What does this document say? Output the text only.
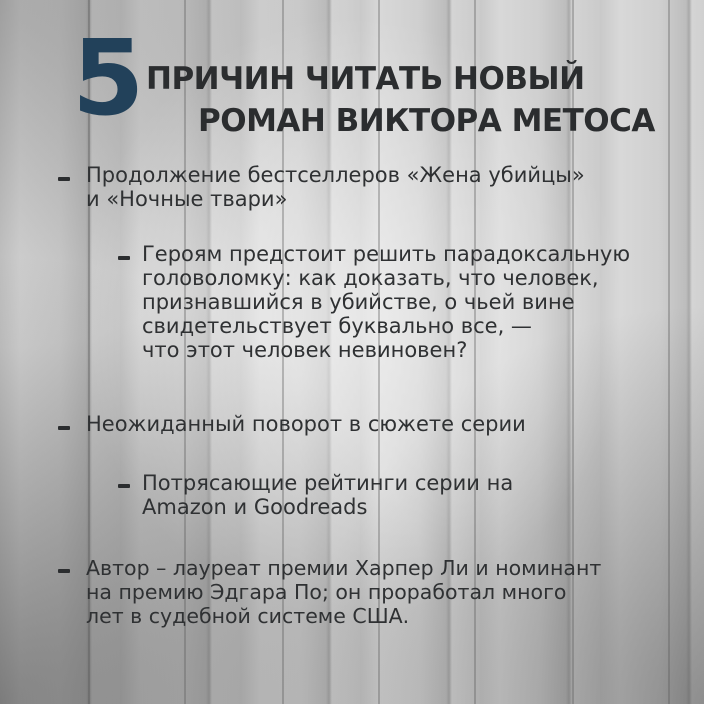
5 ПРИЧИН ЧИТАТЬ НОВЫЙ
РОМАН ВИКТОРА МЕТОСА
Продолжение бестселлеров «Жена убийцы»
и «Ночные твари»
Героям предстоит решить парадоксальную
головоломку: как доказать, что человек,
признавшийся в убийстве, о чьей вине
свидетельствует буквально все, —
что этот человек невиновен?
Неожиданный поворот в сюжете серии
Потрясающие рейтинги серии на
Amazon и Goodreads
Автор – лауреат премии Харпер Ли и номинант
на премию Эдгара По; он проработал много
лет в судебной системе США.
